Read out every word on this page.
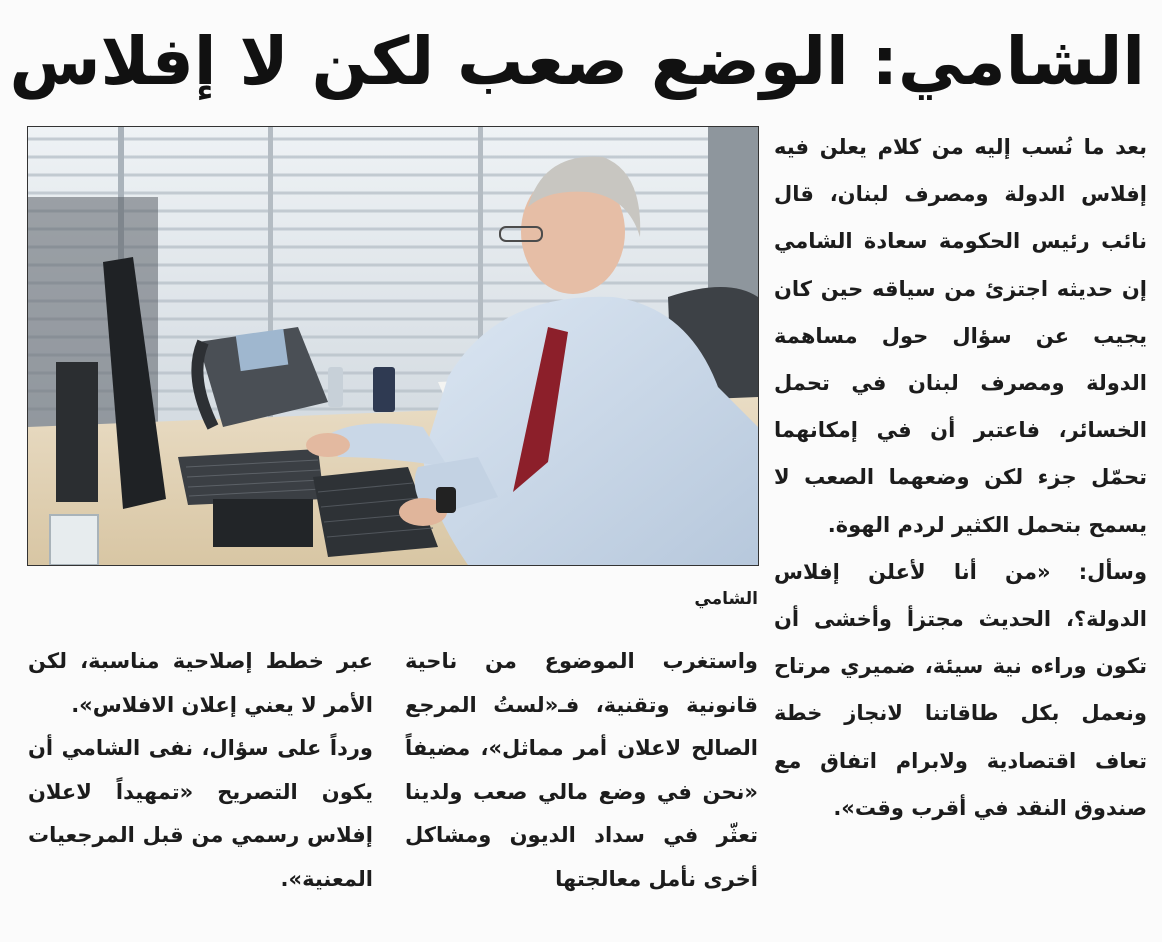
الشامي: الوضع صعب لكن لا إفلاس
الشامي

بعد ما نُسب إليه من كلام يعلن فيه إفلاس الدولة ومصرف لبنان، قال نائب رئيس الحكومة سعادة الشامي إن حديثه اجتزئ من سياقه حين كان يجيب عن سؤال حول مساهمة الدولة ومصرف لبنان في تحمل الخسائر، فاعتبر أن في إمكانهما تحمّل جزء لكن وضعهما الصعب لا يسمح بتحمل الكثير لردم الهوة.

وسأل: «من أنا لأعلن إفلاس الدولة؟، الحديث مجتزأ وأخشى أن تكون وراءه نية سيئة، ضميري مرتاح ونعمل بكل طاقاتنا لانجاز خطة تعاف اقتصادية ولابرام اتفاق مع صندوق النقد في أقرب وقت».

واستغرب الموضوع من ناحية قانونية وتقنية، فـ«لستُ المرجع الصالح لاعلان أمر مماثل»، مضيفاً «نحن في وضع مالي صعب ولدينا تعثّر في سداد الديون ومشاكل أخرى نأمل معالجتها

عبر خطط إصلاحية مناسبة، لكن الأمر لا يعني إعلان الافلاس».

ورداً على سؤال، نفى الشامي أن يكون التصريح «تمهيداً لاعلان إفلاس رسمي من قبل المرجعيات المعنية».
